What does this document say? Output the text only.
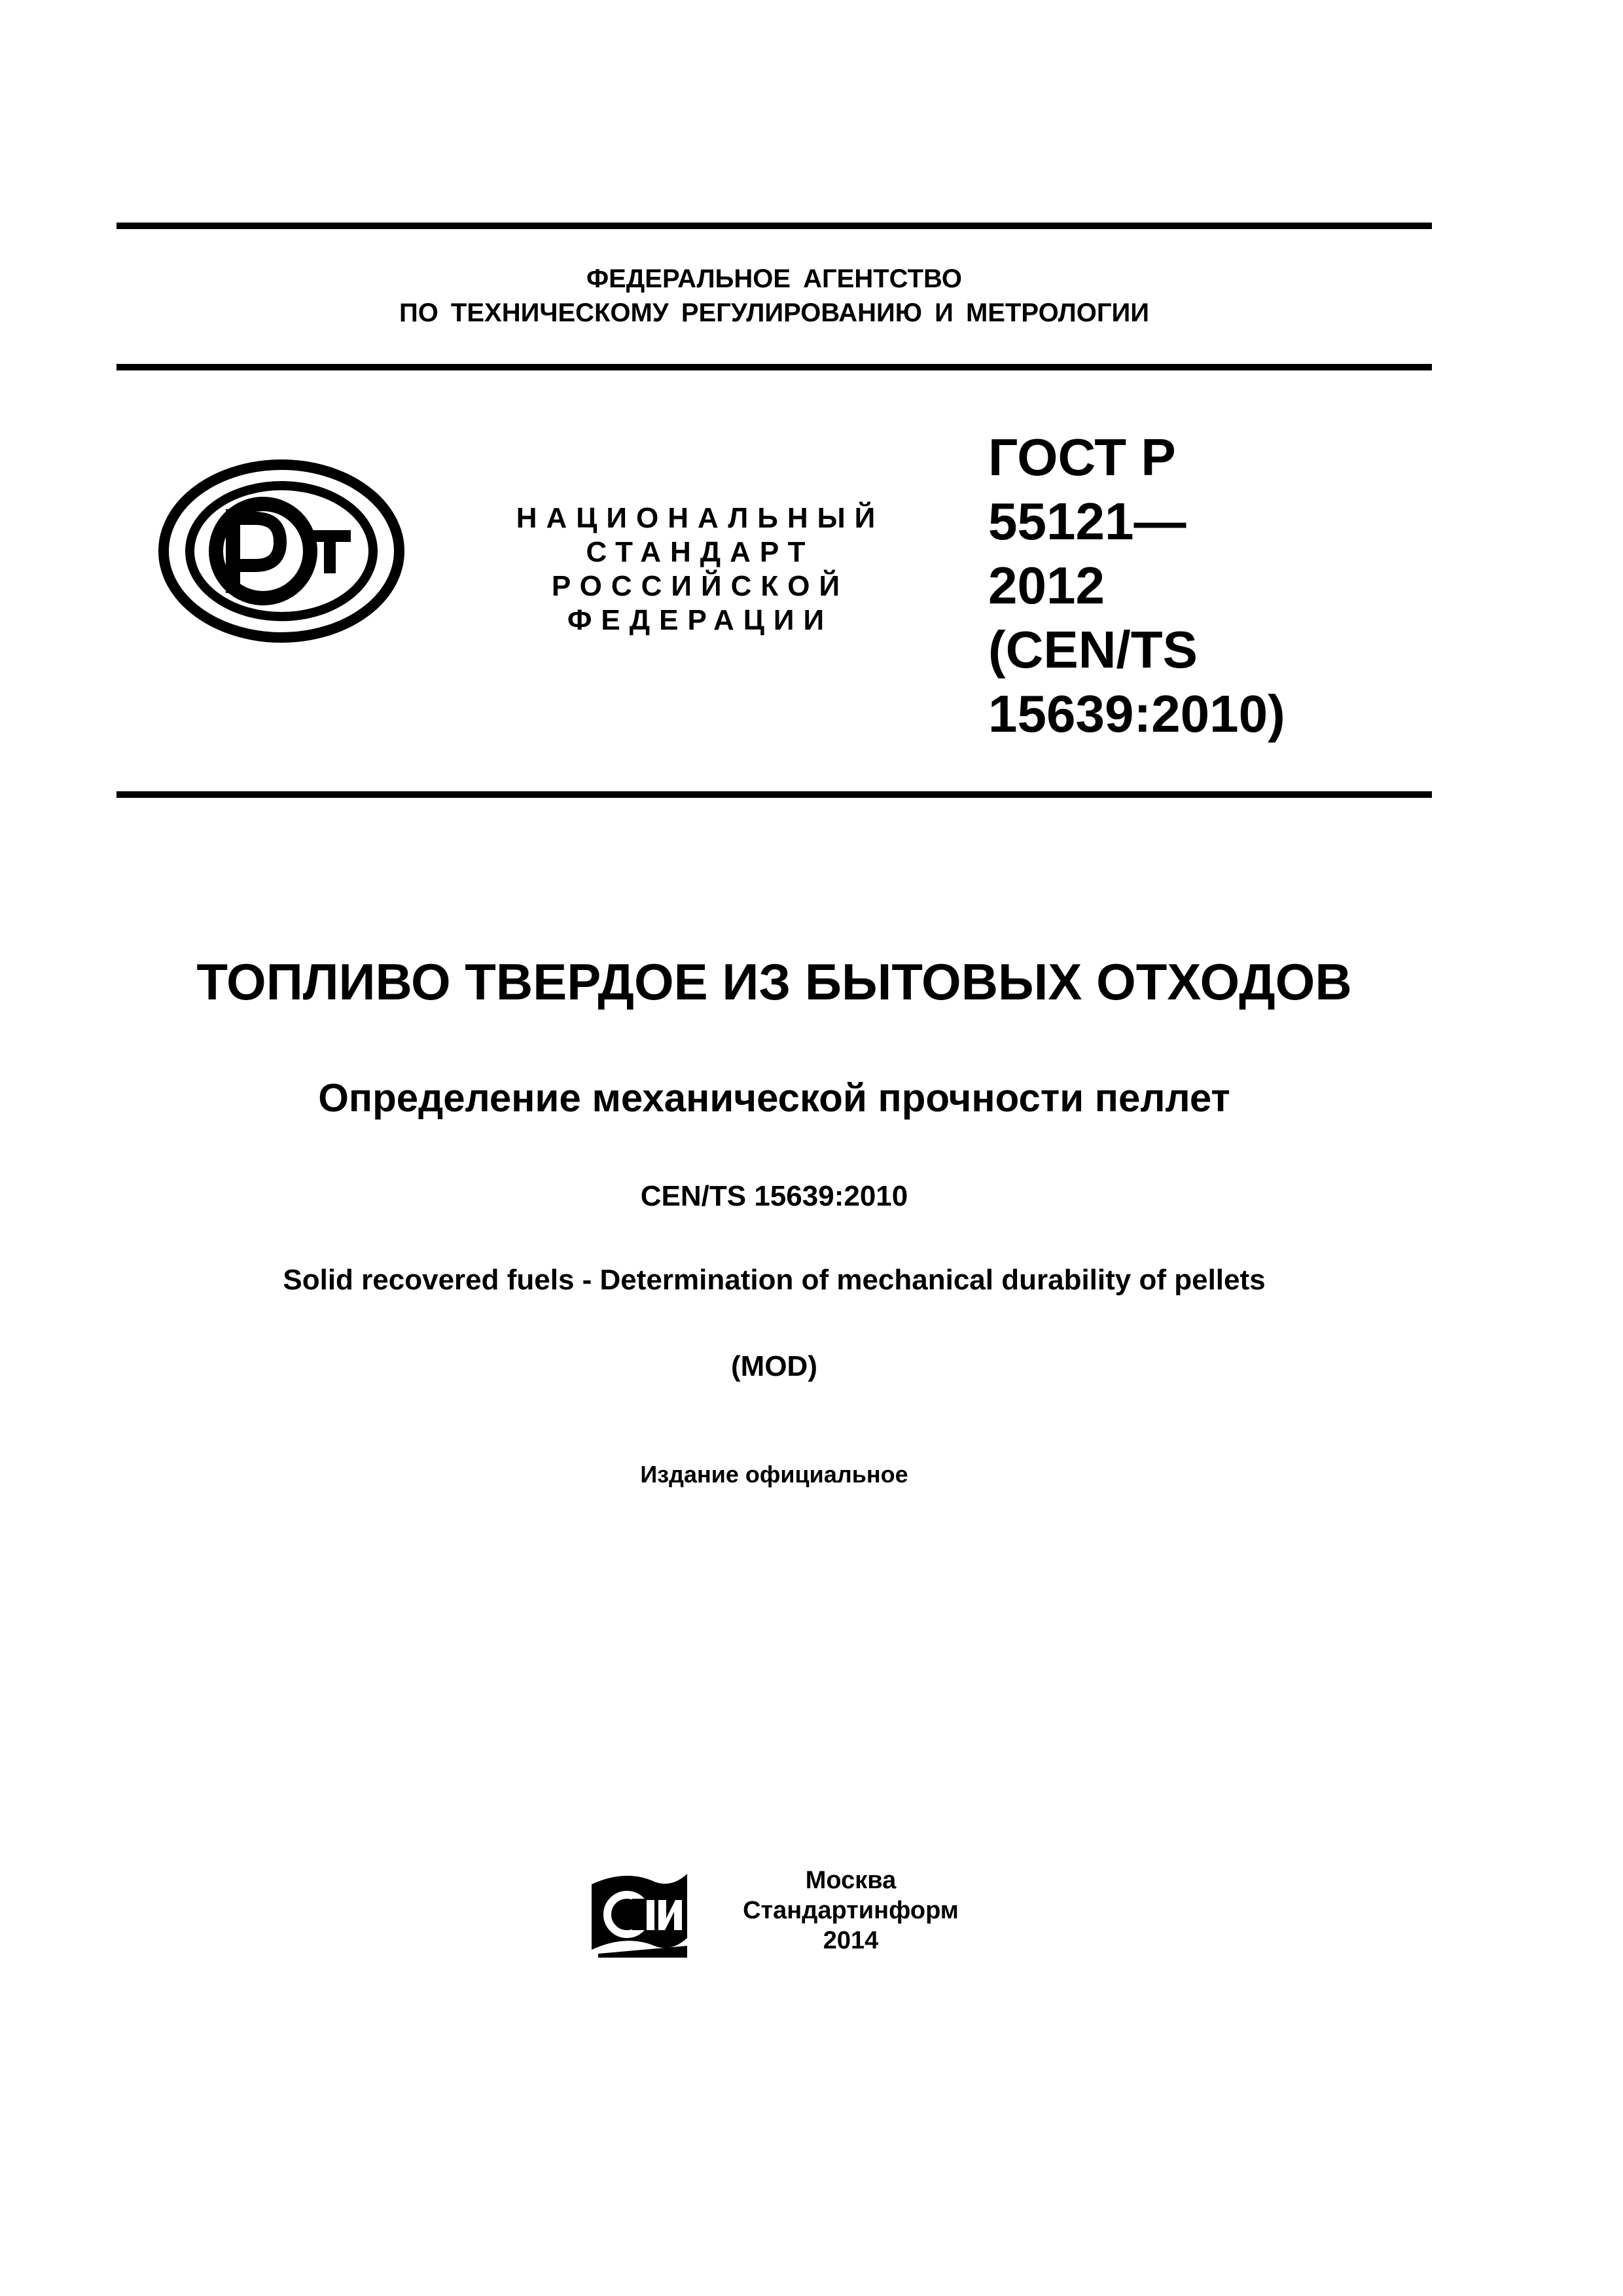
ФЕДЕРАЛЬНОЕ АГЕНТСТВО
ПО ТЕХНИЧЕСКОМУ РЕГУЛИРОВАНИЮ И МЕТРОЛОГИИ
НАЦИОНАЛЬНЫЙ
СТАНДАРТ
РОССИЙСКОЙ
ФЕДЕРАЦИИ
ГОСТ Р
55121—
2012
(CEN/TS
15639:2010)
ТОПЛИВО ТВЕРДОЕ ИЗ БЫТОВЫХ ОТХОДОВ
Определение механической прочности пеллет
CEN/TS 15639:2010
Solid recovered fuels - Determination of mechanical durability of pellets
(MOD)
Издание официальное
Москва
Стандартинформ
2014
